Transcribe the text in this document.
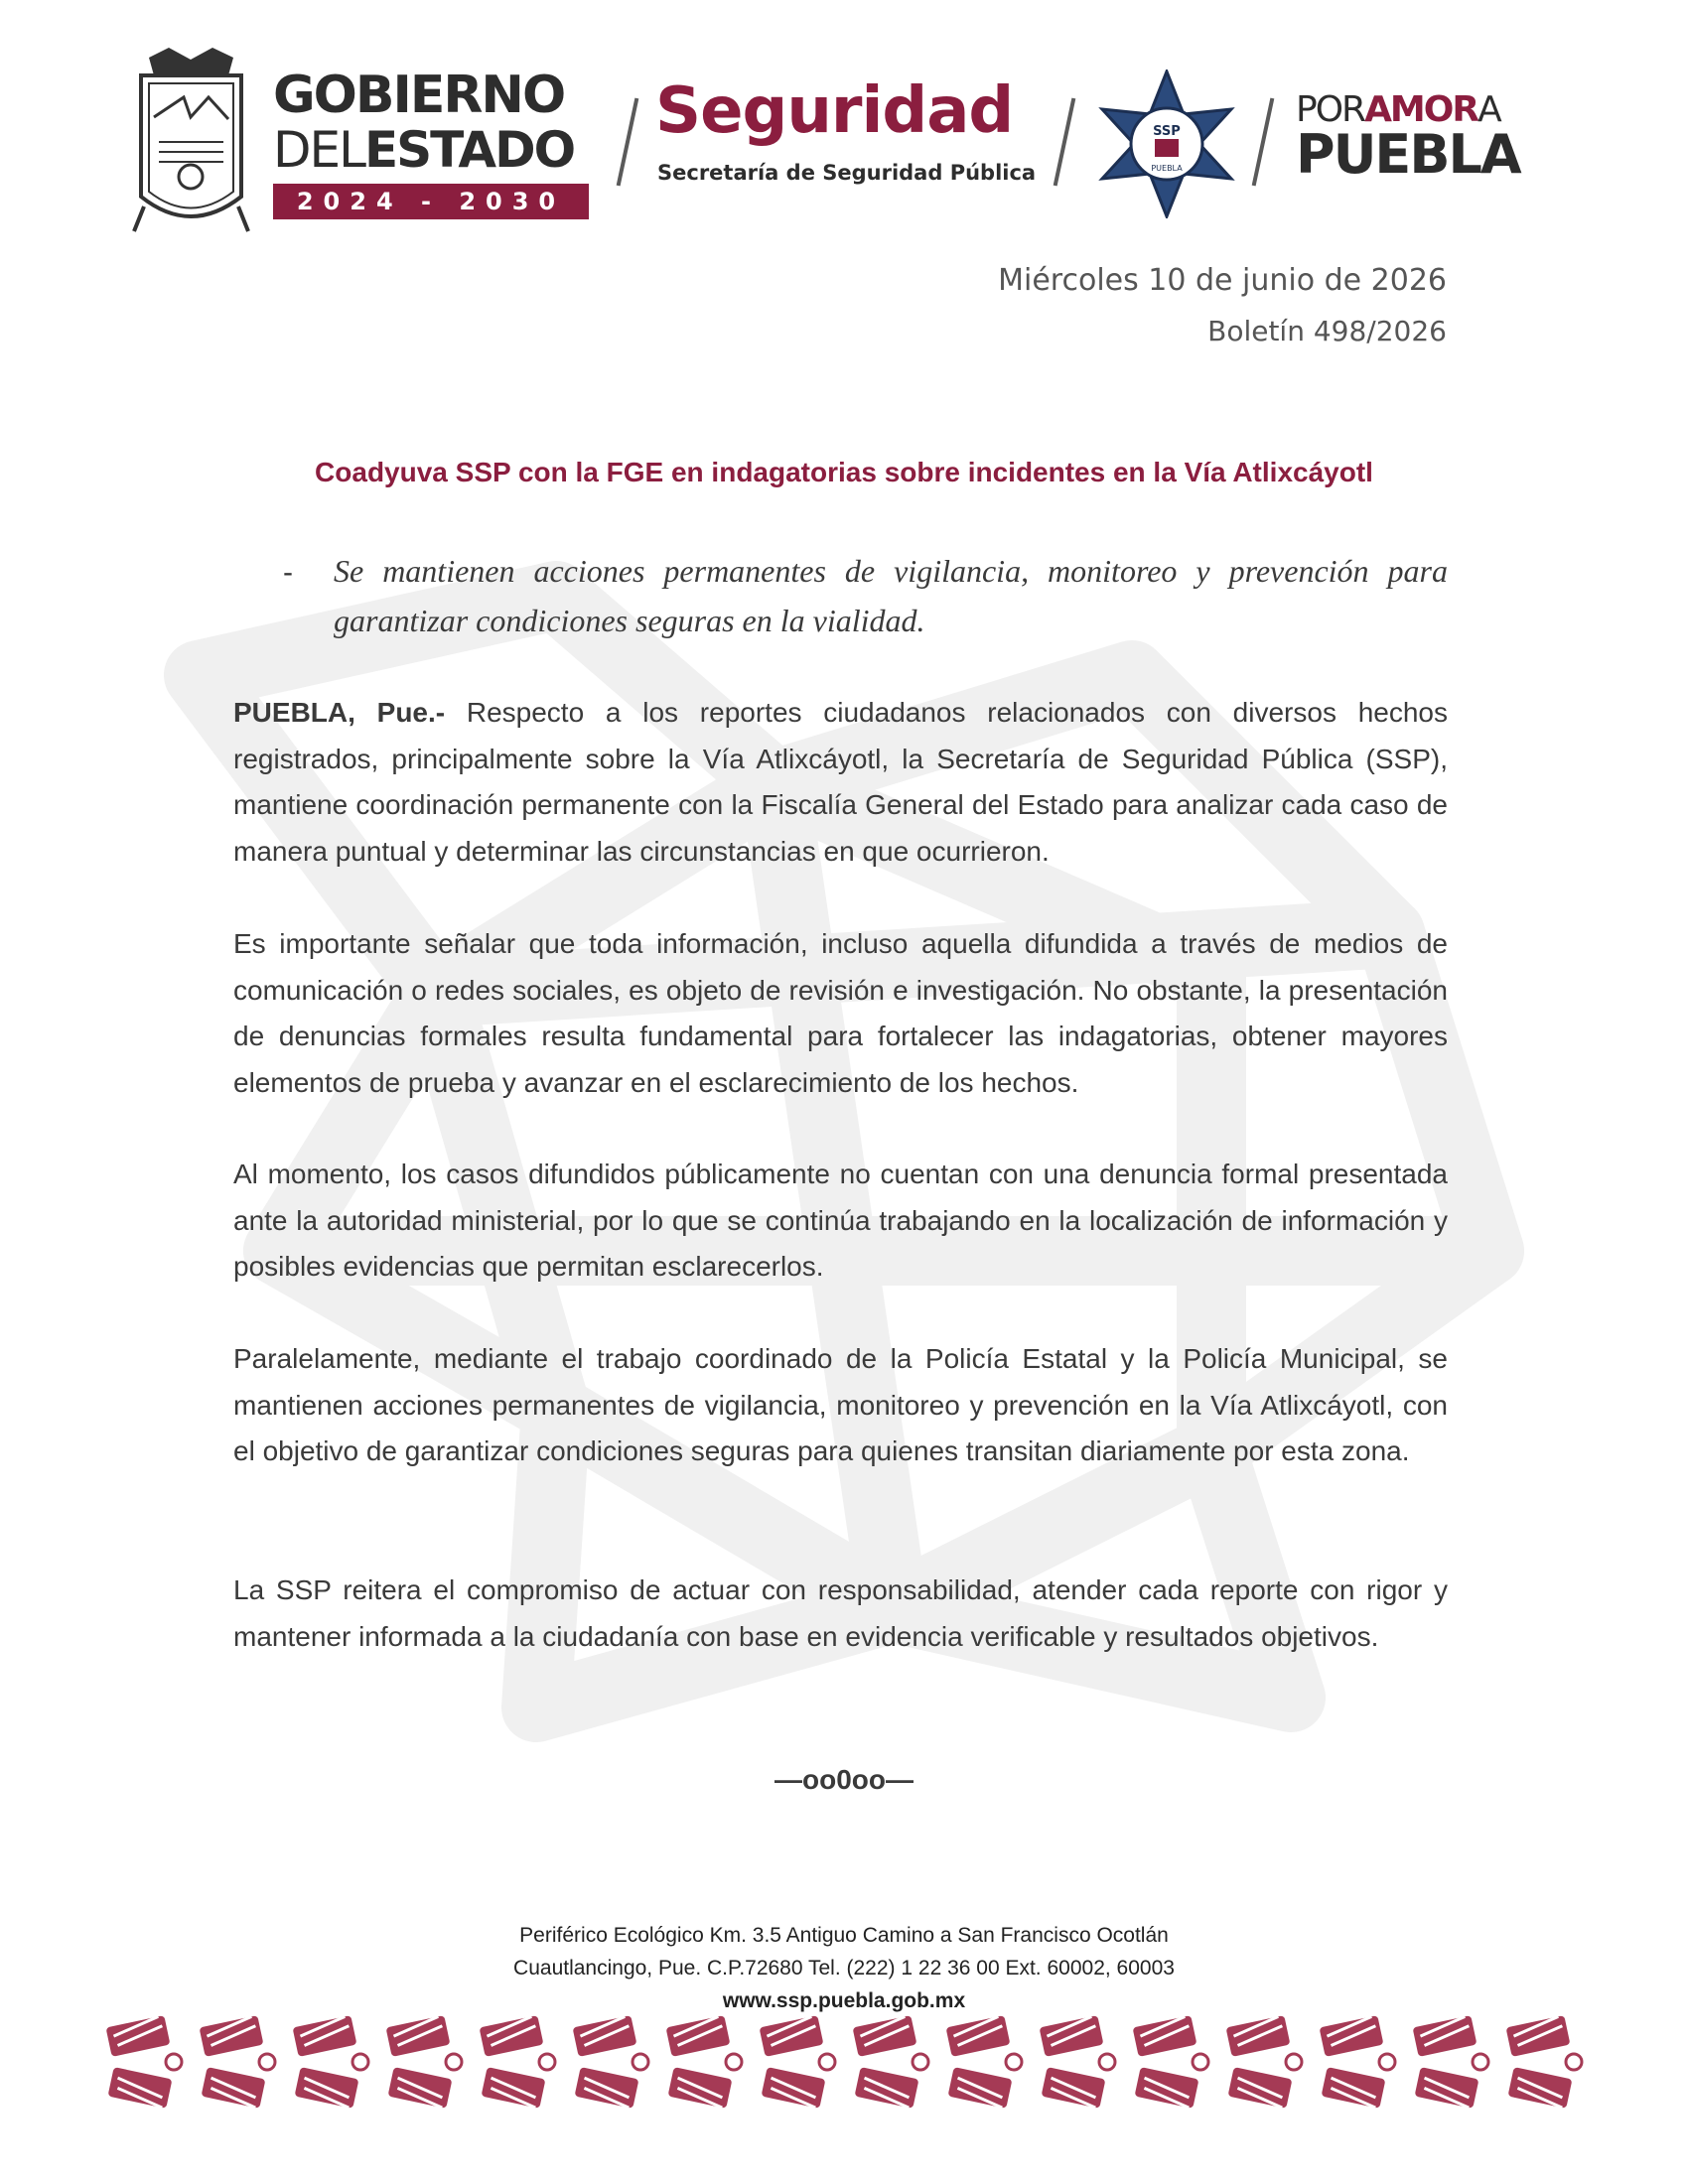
GOBIERNO
DEL ESTADO
2024 - 2030
Seguridad
Secretaría de Seguridad Pública
SSP
PUEBLA
PORAMORA
PUEBLA
Miércoles 10 de junio de 2026
Boletín 498/2026
Coadyuva SSP con la FGE en indagatorias sobre incidentes en la Vía Atlixcáyotl
- Se mantienen acciones permanentes de vigilancia, monitoreo y prevención para garantizar condiciones seguras en la vialidad.
PUEBLA, Pue.- Respecto a los reportes ciudadanos relacionados con diversos hechos registrados, principalmente sobre la Vía Atlixcáyotl, la Secretaría de Seguridad Pública (SSP), mantiene coordinación permanente con la Fiscalía General del Estado para analizar cada caso de manera puntual y determinar las circunstancias en que ocurrieron.
Es importante señalar que toda información, incluso aquella difundida a través de medios de comunicación o redes sociales, es objeto de revisión e investigación. No obstante, la presentación de denuncias formales resulta fundamental para fortalecer las indagatorias, obtener mayores elementos de prueba y avanzar en el esclarecimiento de los hechos.
Al momento, los casos difundidos públicamente no cuentan con una denuncia formal presentada ante la autoridad ministerial, por lo que se continúa trabajando en la localización de información y posibles evidencias que permitan esclarecerlos.
Paralelamente, mediante el trabajo coordinado de la Policía Estatal y la Policía Municipal, se mantienen acciones permanentes de vigilancia, monitoreo y prevención en la Vía Atlixcáyotl, con el objetivo de garantizar condiciones seguras para quienes transitan diariamente por esta zona.
La SSP reitera el compromiso de actuar con responsabilidad, atender cada reporte con rigor y mantener informada a la ciudadanía con base en evidencia verificable y resultados objetivos.
—oo0oo—
Periférico Ecológico Km. 3.5 Antiguo Camino a San Francisco Ocotlán
Cuautlancingo, Pue. C.P.72680 Tel. (222) 1 22 36 00 Ext. 60002, 60003
www.ssp.puebla.gob.mx
